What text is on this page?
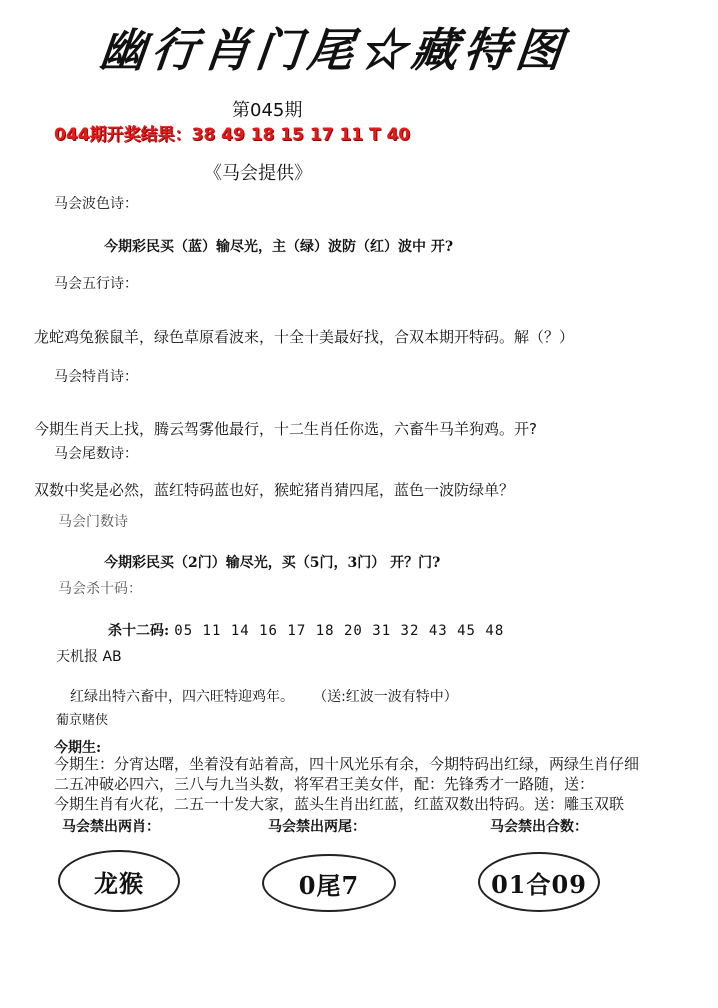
幽行肖门尾☆藏特图
第045期
044期开奖结果：38 49 18 15 17 11 T 40
《马会提供》
马会波色诗：
今期彩民买（蓝）输尽光，主（绿）波防（红）波中 开?
马会五行诗：
龙蛇鸡兔猴鼠羊，绿色草原看波来，十全十美最好找，合双本期开特码。解（？）
马会特肖诗：
今期生肖天上找，腾云驾雾他最行，十二生肖任你选，六畜牛马羊狗鸡。开?
马会尾数诗：
双数中奖是必然，蓝红特码蓝也好，猴蛇猪肖猜四尾，蓝色一波防绿单？
马会门数诗
今期彩民买（2门）输尽光，买（5门，3门） 开？门?
马会杀十码：
杀十二码: 05 11 14 16 17 18 20 31 32 43 45 48
天机报 AB
红绿出特六畜中，四六旺特迎鸡年。 （送:红波一波有特中）
葡京赌侠
今期生:
今期生：分宵达曙，坐着没有站着高，四十风光乐有余，今期特码出红绿，两绿生肖仔细
二五冲破必四六，三八与九当头数，将军君王美女伴，配：先锋秀才一路随，送：
今期生肖有火花，二五一十发大家，蓝头生肖出红蓝，红蓝双数出特码。送：雕玉双联
马会禁出两肖：	马会禁出两尾：	马会禁出合数：
龙猴	0尾7	01合09
